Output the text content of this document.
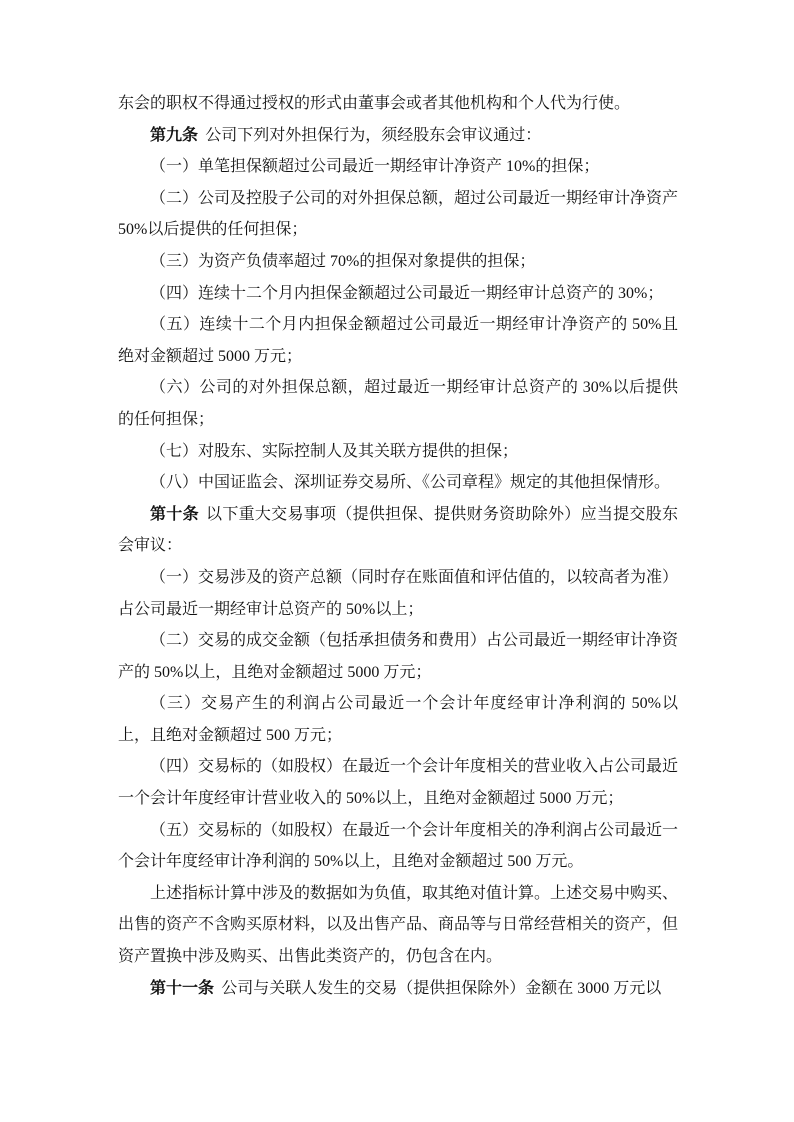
东会的职权不得通过授权的形式由董事会或者其他机构和个人代为行使。

第九条 公司下列对外担保行为，须经股东会审议通过：

（一）单笔担保额超过公司最近一期经审计净资产 10%的担保；

（二）公司及控股子公司的对外担保总额，超过公司最近一期经审计净资产 50%以后提供的任何担保；

（三）为资产负债率超过 70%的担保对象提供的担保；

（四）连续十二个月内担保金额超过公司最近一期经审计总资产的 30%；

（五）连续十二个月内担保金额超过公司最近一期经审计净资产的 50%且绝对金额超过 5000 万元；

（六）公司的对外担保总额，超过最近一期经审计总资产的 30%以后提供的任何担保；

（七）对股东、实际控制人及其关联方提供的担保；

（八）中国证监会、深圳证券交易所、《公司章程》规定的其他担保情形。

第十条 以下重大交易事项（提供担保、提供财务资助除外）应当提交股东会审议：

（一）交易涉及的资产总额（同时存在账面值和评估值的，以较高者为准）占公司最近一期经审计总资产的 50%以上；

（二）交易的成交金额（包括承担债务和费用）占公司最近一期经审计净资产的 50%以上，且绝对金额超过 5000 万元；

（三）交易产生的利润占公司最近一个会计年度经审计净利润的 50%以上，且绝对金额超过 500 万元；

（四）交易标的（如股权）在最近一个会计年度相关的营业收入占公司最近一个会计年度经审计营业收入的 50%以上，且绝对金额超过 5000 万元；

（五）交易标的（如股权）在最近一个会计年度相关的净利润占公司最近一个会计年度经审计净利润的 50%以上，且绝对金额超过 500 万元。

上述指标计算中涉及的数据如为负值，取其绝对值计算。上述交易中购买、出售的资产不含购买原材料，以及出售产品、商品等与日常经营相关的资产，但资产置换中涉及购买、出售此类资产的，仍包含在内。

第十一条 公司与关联人发生的交易（提供担保除外）金额在 3000 万元以
